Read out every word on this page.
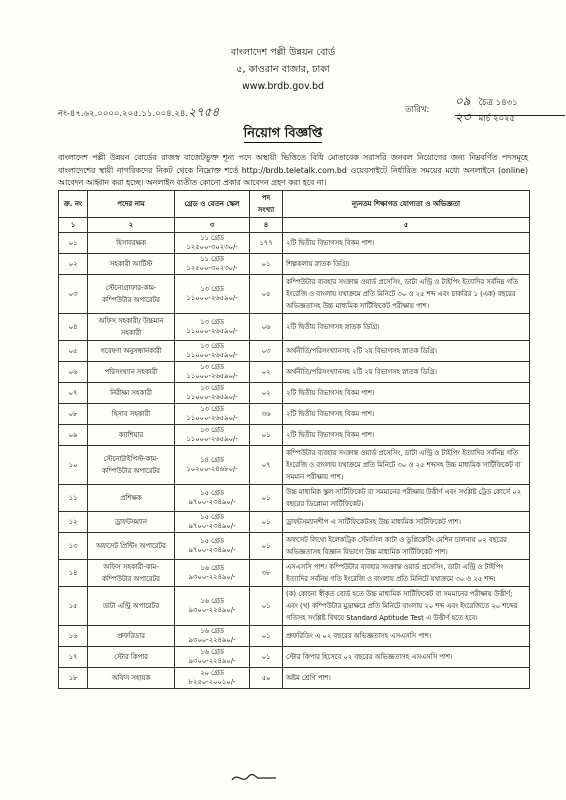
বাংলাদেশ পল্লী উন্নয়ন বোর্ড
৫, কাওরান বাজার, ঢাকা
www.brdb.gov.bd
নং-৪৭.৬২.০০০০.২০৫.১১.০০৪.২৪.২৭৫৪	তারিখ:
০৯ চৈত্র ১৪৩১
২৩ মার্চ ২০২৫
নিয়োগ বিজ্ঞপ্তি
বাংলাদেশ পল্লী উন্নয়ন বোর্ডের রাজস্ব বাজেটভুক্ত শূন্য পদে অস্থায়ী ভিত্তিতে বিধি মোতাবেক সরাসরি জনবল নিয়োগের জন্য নিম্নবর্ণিত পদসমূহে বাংলাদেশের স্থায়ী নাগরিকদের নিকট থেকে নিম্নোক্ত শর্তে http://brdb.teletalk.com.bd ওয়েবসাইটে নির্ধারিত সময়ের মধ্যে অনলাইনে (online) আবেদন আহ্বান করা হচ্ছে। অনলাইন ব্যতীত কোনো প্রকার আবেদন গ্রহণ করা হবে না।
ক্র. নং	পদের নাম	গ্রেড ও বেতন স্কেল	পদ সংখ্যা	ন্যূনতম শিক্ষাগত যোগ্যতা ও অভিজ্ঞতা
১	২	৩	৪	৫
০১	হিসাবরক্ষক	১১ গ্রেড
১২৫০০-৩০২৩০/-	১৭৭	২টি দ্বিতীয় বিভাগসহ বিকম পাশ।
০২	সহকারী আর্টিস্ট	১১ গ্রেড
১২৫০০-৩০২৩০/-	০১	শিল্পকলায় স্নাতক ডিগ্রি।
০৩	স্টেনোগ্রাফার-কাম-কম্পিউটার অপারেটর	১৩ গ্রেড
১১০০০-২৬৫৯০/-	০৫	কম্পিউটার ব্যবহার সংক্রান্ত ওয়ার্ড প্রসেসিং, ডাটা এন্ট্রি ও টাইপিং ইত্যাদির সর্বনিম্ন গতি ইংরেজি ও বাংলায় যথাক্রমে প্রতি মিনিটে ৩০ ও ২৫ শব্দ এবং চাকরির ১ (এক) বছরের অভিজ্ঞতাসহ উচ্চ মাধ্যমিক সার্টিফিকেট পরীক্ষায় পাশ।
০৪	অফিস সহকারী/ উচ্চমান সহকারী	১৩ গ্রেড
১১০০০-২৬৫৯০/-	০৬	২টি দ্বিতীয় বিভাগসহ স্নাতক ডিগ্রি।
০৫	গবেষণা অনুসন্ধানকারী	১৩ গ্রেড
১১০০০-২৬৫৯০/-	০৩	অর্থনীতি/পরিসংখ্যানসহ ২টি ২য় বিভাগসহ স্নাতক ডিগ্রি।
০৬	পরিসংখ্যান সহকারী	১৩ গ্রেড
১১০০০-২৬৫৯০/-	০২	অর্থনীতি/পরিসংখ্যানসহ ২টি ২য় বিভাগসহ স্নাতক ডিগ্রি।
০৭	নিরীক্ষা সহকারী	১৩ গ্রেড
১১০০০-২৬৫৯০/-	০২	২টি দ্বিতীয় বিভাগসহ বিকম পাশ।
০৮	হিসাব সহকারী	১৩ গ্রেড
১১০০০-২৬৫৯০/-	৩৬	২টি দ্বিতীয় বিভাগসহ বিকম পাশ।
০৯	ক্যাশিয়ার	১৩ গ্রেড
১১০০০-২৬৫৯০/-	০১	২টি দ্বিতীয় বিভাগসহ বিকম পাশ।
১০	স্টেনোটাইপিস্ট-কাম-কম্পিউটার অপারেটর	১৪ গ্রেড
১০২০০-২৪৬৮০/-	০৭	কম্পিউটার ব্যবহার সংক্রান্ত ওয়ার্ড প্রসেসিং, ডাটা এন্ট্রি ও টাইপিং ইত্যাদির সর্বনিম্ন গতি ইংরেজি ও বাংলায় যথাক্রমে প্রতি মিনিটে ৩০ ও ২৫ শব্দসহ উচ্চ মাধ্যমিক সার্টিফিকেট বা সমমান পরীক্ষায় পাশ।
১১	প্রশিক্ষক	১৫ গ্রেড
৯৭০০-২৩৪৯০/-	০১	উচ্চ মাধ্যমিক স্কুল সার্টিফিকেট বা সমমানের পরীক্ষায় উত্তীর্ণ এবং সংশ্লিষ্ট ট্রেড কোর্সে ০২ বছরের ডিপ্লোমা সার্টিফিকেট।
১২	ড্রাফটসম্যান	১৫ গ্রেড
৯৭০০-২৩৪৯০/-	০১	ড্রাফটসম্যানশীপ এ সার্টিফিকেটসহ উচ্চ মাধ্যমিক সার্টিফিকেট পাশ।
১৩	অফসেট প্রিন্টিং অপারেটর	১৫ গ্রেড
৯৭০০-২৩৪৯০/-	০১	অফসেট লিথো ইলেকট্রিক স্টেনসিল কাটা ও ডুপ্লিকেটিং মেশিন চালনায় ০২ বছরের অভিজ্ঞতাসহ বিজ্ঞান বিভাগে উচ্চ মাধ্যমিক সার্টিফিকেট পাশ।
১৪	অফিস সহকারী-কাম-কম্পিউটার অপারেটর	১৬ গ্রেড
৯৩০০-২২৪৯০/-	৩৮	এসএসসি পাশ। কম্পিউটার ব্যবহার সংক্রান্ত ওয়ার্ড প্রসেসিং, ডাটা এন্ট্রি ও টাইপিং ইত্যাদির সর্বনিম্ন গতি ইংরেজি ও বাংলায় প্রতি মিনিটে যথাক্রমে ৩০ ও ২৫ শব্দ।
১৫	ডাটা এন্ট্রি অপারেটর	১৬ গ্রেড
৯৩০০-২২৪৯০/-	০১	(ক) কোনো স্বীকৃত বোর্ড হতে উচ্চ মাধ্যমিক সার্টিফিকেট বা সমমানের পরীক্ষায় উত্তীর্ণ; এবং (খ) কম্পিউটার মুদ্রাক্ষরে প্রতি মিনিটে বাংলায় ২০ শব্দ এবং ইংরেজিতে ২০ শব্দের গতিসহ সংশ্লিষ্ট বিষয়ে Standard Aptitude Test এ উত্তীর্ণ হতে হবে।
১৬	প্রুফরিডার	১৬ গ্রেড
৯৩০০-২২৪৯০/-	০১	প্রুফরিডিং এ ০২ বছরের অভিজ্ঞতাসহ এসএসসি পাশ।
১৭	স্টোর কিপার	১৬ গ্রেড
৯৩০০-২২৪৯০/-	০১	স্টোর কিপার হিসেবে ০২ বছরের অভিজ্ঞতাসহ এসএসসি পাশ।
১৮	অফিস সহায়ক	২০ গ্রেড
৮২৫০-২০০১০/-	৫০	অষ্টম শ্রেণি পাশ।
